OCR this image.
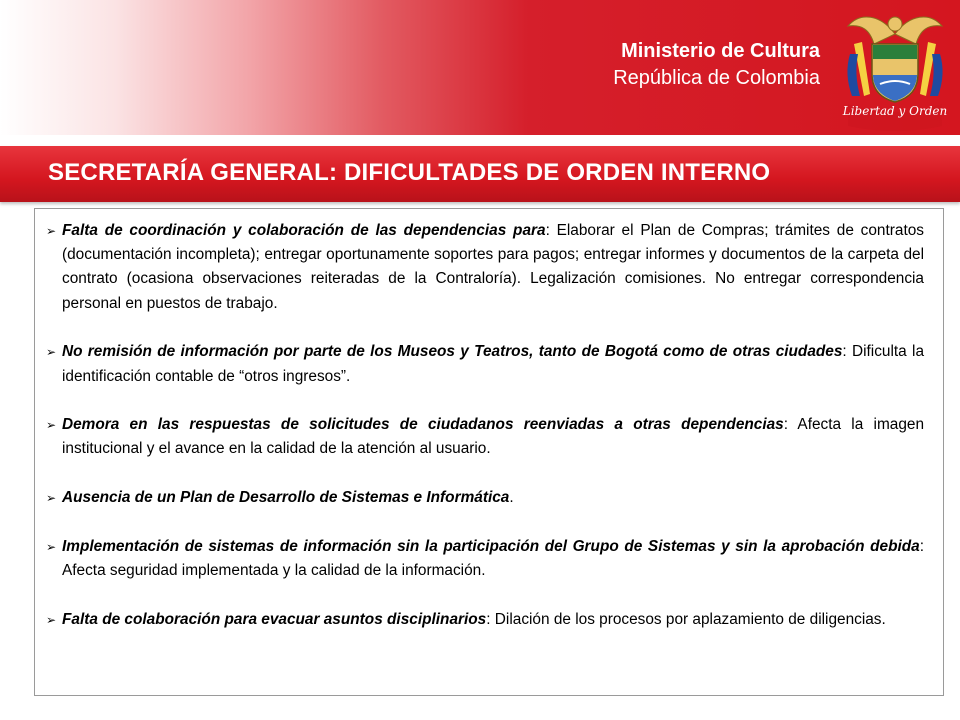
Ministerio de Cultura
República de Colombia
Libertad y Orden
SECRETARÍA GENERAL: DIFICULTADES DE ORDEN INTERNO
➢ Falta de coordinación y colaboración de las dependencias para: Elaborar el Plan de Compras; trámites de contratos (documentación incompleta); entregar oportunamente soportes para pagos; entregar informes y documentos de la carpeta del contrato (ocasiona observaciones reiteradas de la Contraloría). Legalización comisiones. No entregar correspondencia personal en puestos de trabajo.
➢ No remisión de información por parte de los Museos y Teatros, tanto de Bogotá como de otras ciudades: Dificulta la identificación contable de “otros ingresos”.
➢ Demora en las respuestas de solicitudes de ciudadanos reenviadas a otras dependencias: Afecta la imagen institucional y el avance en la calidad de la atención al usuario.
➢ Ausencia de un Plan de Desarrollo de Sistemas e Informática.
➢ Implementación de sistemas de información sin la participación del Grupo de Sistemas y sin la aprobación debida: Afecta seguridad implementada y la calidad de la información.
➢ Falta de colaboración para evacuar asuntos disciplinarios: Dilación de los procesos por aplazamiento de diligencias.
